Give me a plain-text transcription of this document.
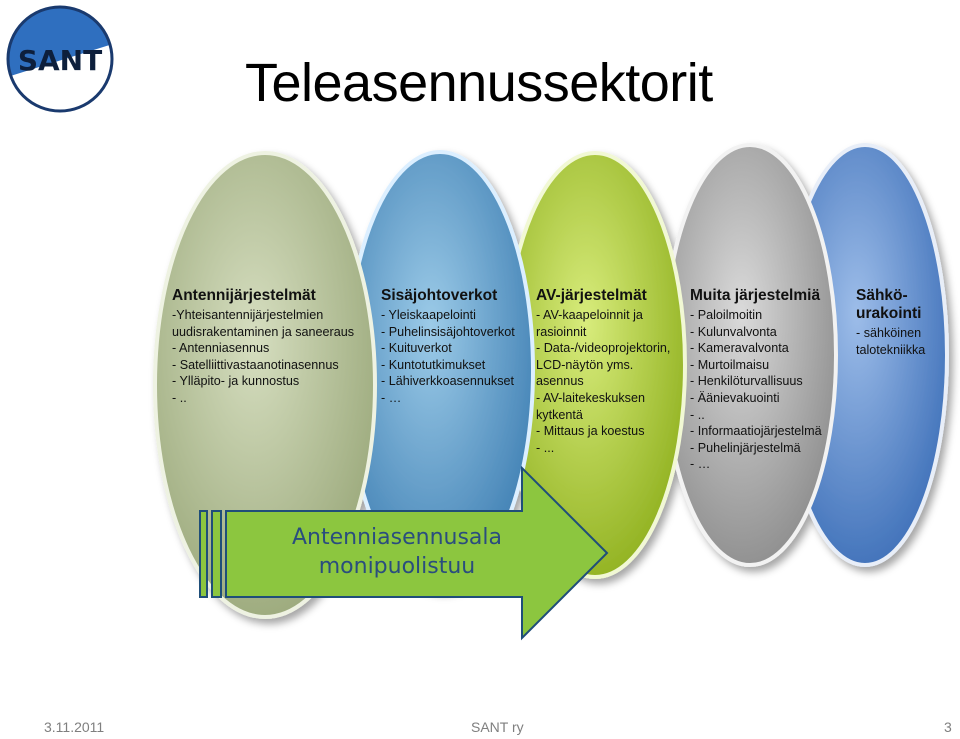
SANT	Teleasennussektorit
Antennijärjestelmät
-Yhteisantennijärjestelmien
uudisrakentaminen ja saneeraus
- Antenniasennus
- Satelliittivastaanotinasennus
- Ylläpito- ja kunnostus
- ..
Sisäjohtoverkot
- Yleiskaapelointi
- Puhelinsisäjohtoverkot
- Kuituverkot
- Kuntotutkimukset
- Lähiverkkoasennukset
- …
AV-järjestelmät
- AV-kaapeloinnit ja
rasioinnit
- Data-/videoprojektorin,
LCD-näytön yms.
asennus
- AV-laitekeskuksen
kytkentä
- Mittaus ja koestus
- ...
Muita järjestelmiä
- Paloilmoitin
- Kulunvalvonta
- Kameravalvonta
- Murtoilmaisu
- Henkilöturvallisuus
- Äänievakuointi
- ..
- Informaatiojärjestelmä
- Puhelinjärjestelmä
- …
Sähkö-
urakointi
- sähköinen
talotekniikka
Antenniasennusala
monipuolistuu
3.11.2011	SANT ry	3
